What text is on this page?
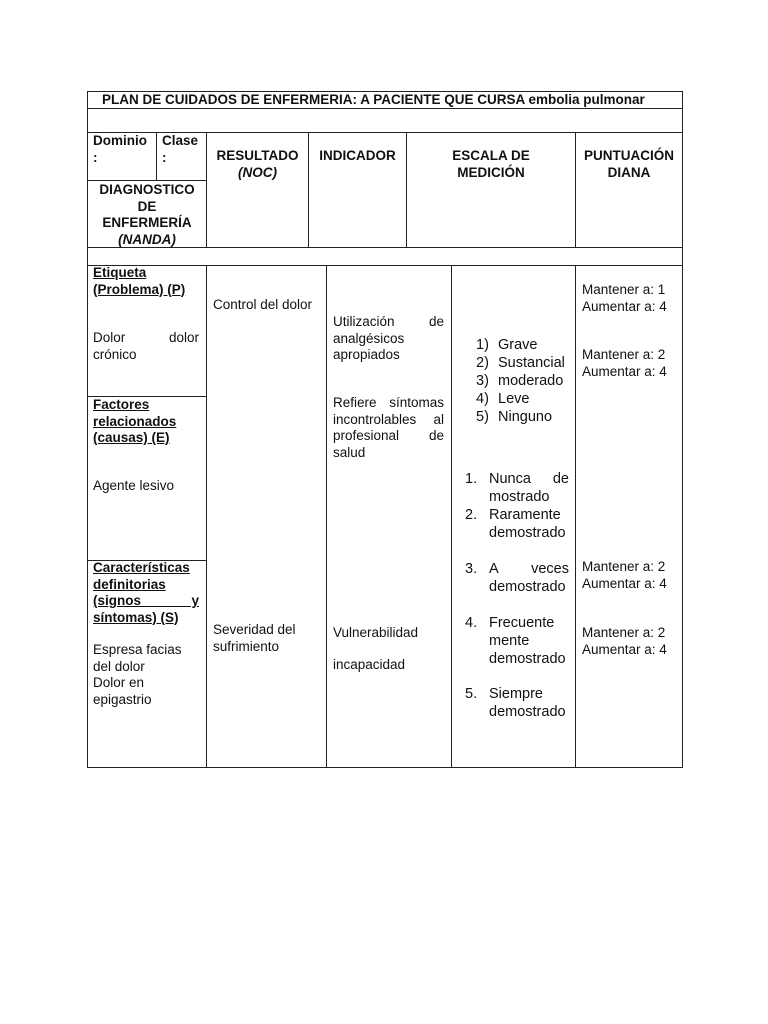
PLAN DE CUIDADOS DE ENFERMERIA: A PACIENTE QUE CURSA embolia pulmonar
Dominio
:
Clase
:
DIAGNOSTICO
DE
ENFERMERÍA
(NANDA)
RESULTADO
(NOC)
INDICADOR	ESCALA DE
MEDICIÓN
PUNTUACIÓN
DIANA
Etiqueta (Problema) (P)
Dolor dolor crónico
Factores relacionados (causas) (E)
Agente lesivo
Características definitorias (signos y síntomas) (S)
Espresa facias del dolor
Dolor en epigastrio
Control del dolor
Severidad del sufrimiento
Utilización de analgésicos apropiados
Refiere síntomas incontrolables al profesional de salud
Vulnerabilidad
incapacidad
1) Grave
2) Sustancial
3) moderado
4) Leve
5) Ninguno
1. Nunca de mostrado
2. Raramente demostrado
3. A veces demostrado
4. Frecuente mente demostrado
5. Siempre demostrado
Mantener a: 1
Aumentar a: 4
Mantener a: 2
Aumentar a: 4
Mantener a: 2
Aumentar a: 4
Mantener a: 2
Aumentar a: 4
